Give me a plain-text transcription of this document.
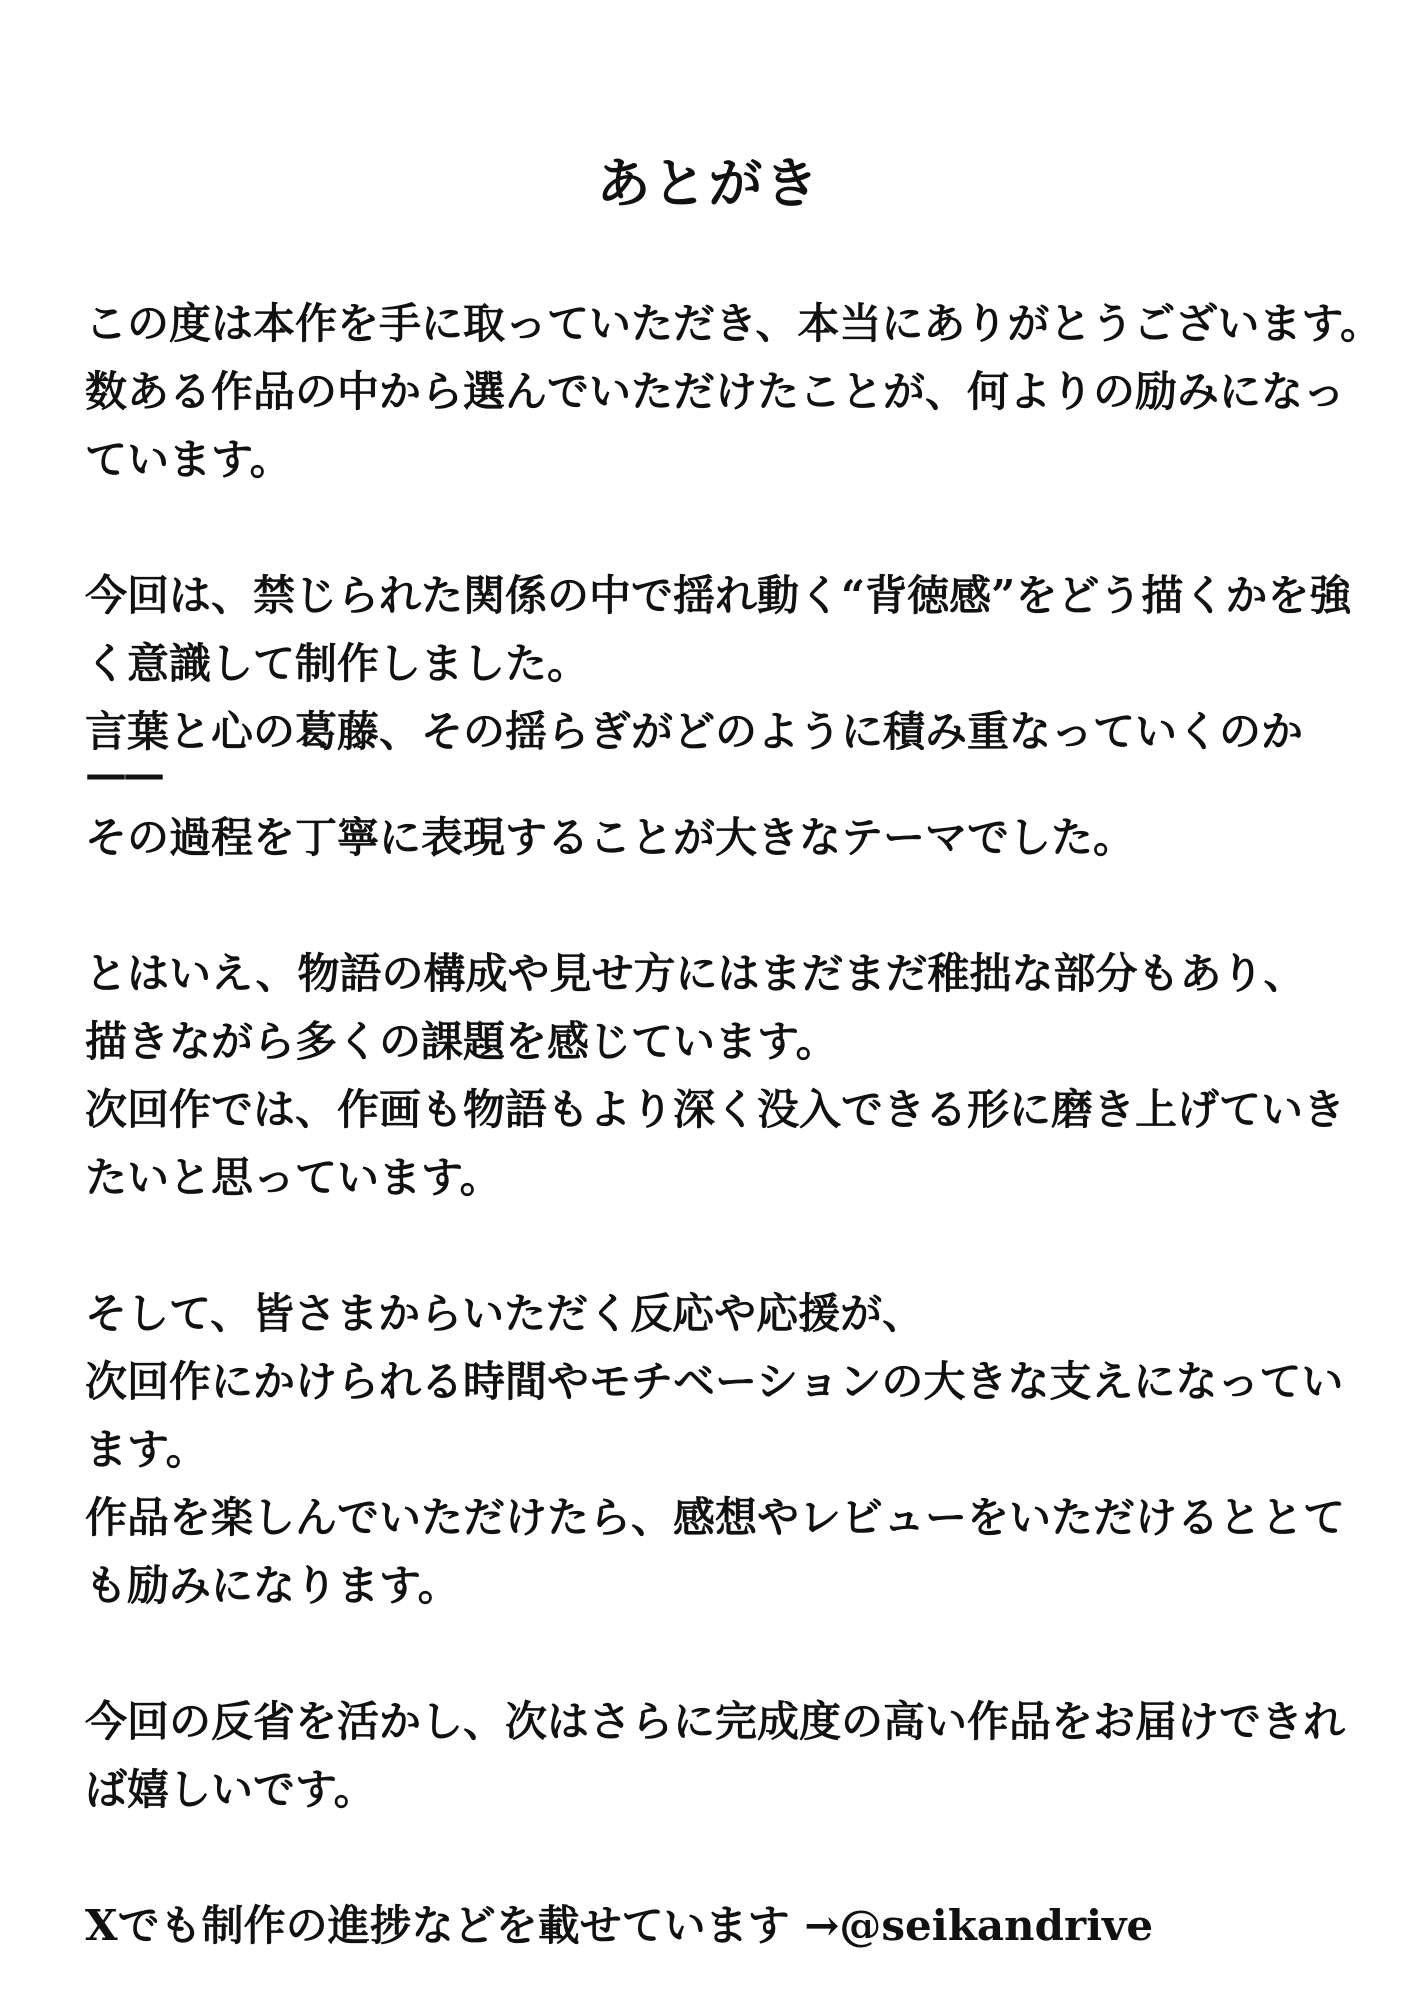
あとがき
この度は本作を手に取っていただき、本当にありがとうございます。
数ある作品の中から選んでいただけたことが、何よりの励みになっ
ています。
今回は、禁じられた関係の中で揺れ動く“背徳感”をどう描くかを強
く意識して制作しました。
言葉と心の葛藤、その揺らぎがどのように積み重なっていくのか
——
その過程を丁寧に表現することが大きなテーマでした。
とはいえ、物語の構成や見せ方にはまだまだ稚拙な部分もあり、
描きながら多くの課題を感じています。
次回作では、作画も物語もより深く没入できる形に磨き上げていき
たいと思っています。
そして、皆さまからいただく反応や応援が、
次回作にかけられる時間やモチベーションの大きな支えになってい
ます。
作品を楽しんでいただけたら、感想やレビューをいただけるととて
も励みになります。
今回の反省を活かし、次はさらに完成度の高い作品をお届けできれ
ば嬉しいです。
Xでも制作の進捗などを載せています →@seikandrive
